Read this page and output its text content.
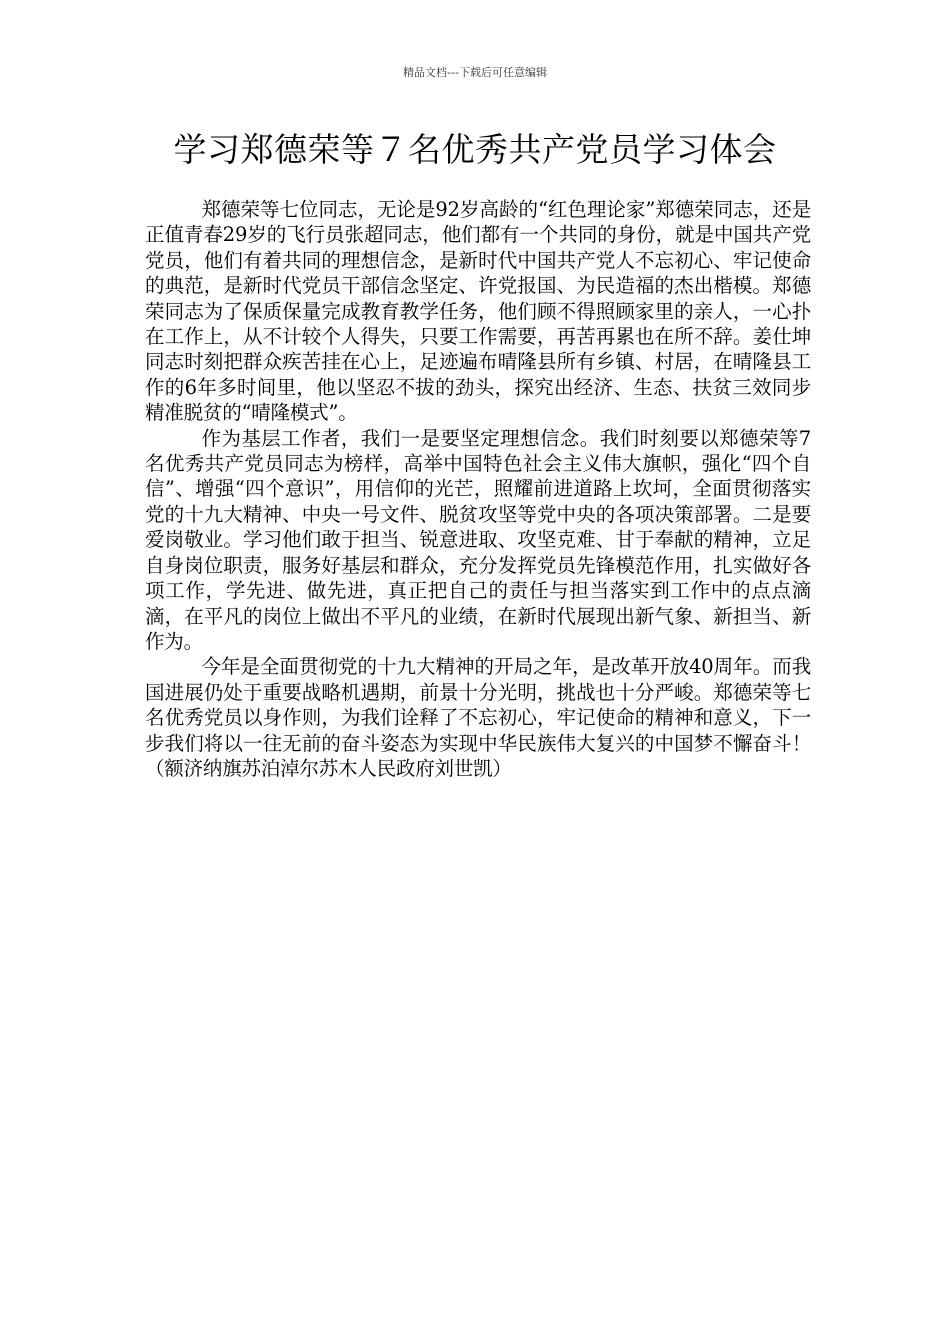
精品文档---下载后可任意编辑
学习郑德荣等７名优秀共产党员学习体会

郑德荣等七位同志，无论是92岁高龄的“红色理论家”郑德荣同志，还是正值青春29岁的飞行员张超同志，他们都有一个共同的身份，就是中国共产党党员，他们有着共同的理想信念，是新时代中国共产党人不忘初心、牢记使命的典范，是新时代党员干部信念坚定、许党报国、为民造福的杰出楷模。郑德荣同志为了保质保量完成教育教学任务，他们顾不得照顾家里的亲人，一心扑在工作上，从不计较个人得失，只要工作需要，再苦再累也在所不辞。姜仕坤同志时刻把群众疾苦挂在心上，足迹遍布晴隆县所有乡镇、村居，在晴隆县工作的6年多时间里，他以坚忍不拔的劲头，探究出经济、生态、扶贫三效同步精准脱贫的“晴隆模式”。

作为基层工作者，我们一是要坚定理想信念。我们时刻要以郑德荣等7名优秀共产党员同志为榜样，高举中国特色社会主义伟大旗帜，强化“四个自信”、增强“四个意识”，用信仰的光芒，照耀前进道路上坎坷，全面贯彻落实党的十九大精神、中央一号文件、脱贫攻坚等党中央的各项决策部署。二是要爱岗敬业。学习他们敢于担当、锐意进取、攻坚克难、甘于奉献的精神，立足自身岗位职责，服务好基层和群众，充分发挥党员先锋模范作用，扎实做好各项工作，学先进、做先进，真正把自己的责任与担当落实到工作中的点点滴滴，在平凡的岗位上做出不平凡的业绩，在新时代展现出新气象、新担当、新作为。

今年是全面贯彻党的十九大精神的开局之年，是改革开放40周年。而我国进展仍处于重要战略机遇期，前景十分光明，挑战也十分严峻。郑德荣等七名优秀党员以身作则，为我们诠释了不忘初心，牢记使命的精神和意义，下一步我们将以一往无前的奋斗姿态为实现中华民族伟大复兴的中国梦不懈奋斗！（额济纳旗苏泊淖尔苏木人民政府刘世凯）
